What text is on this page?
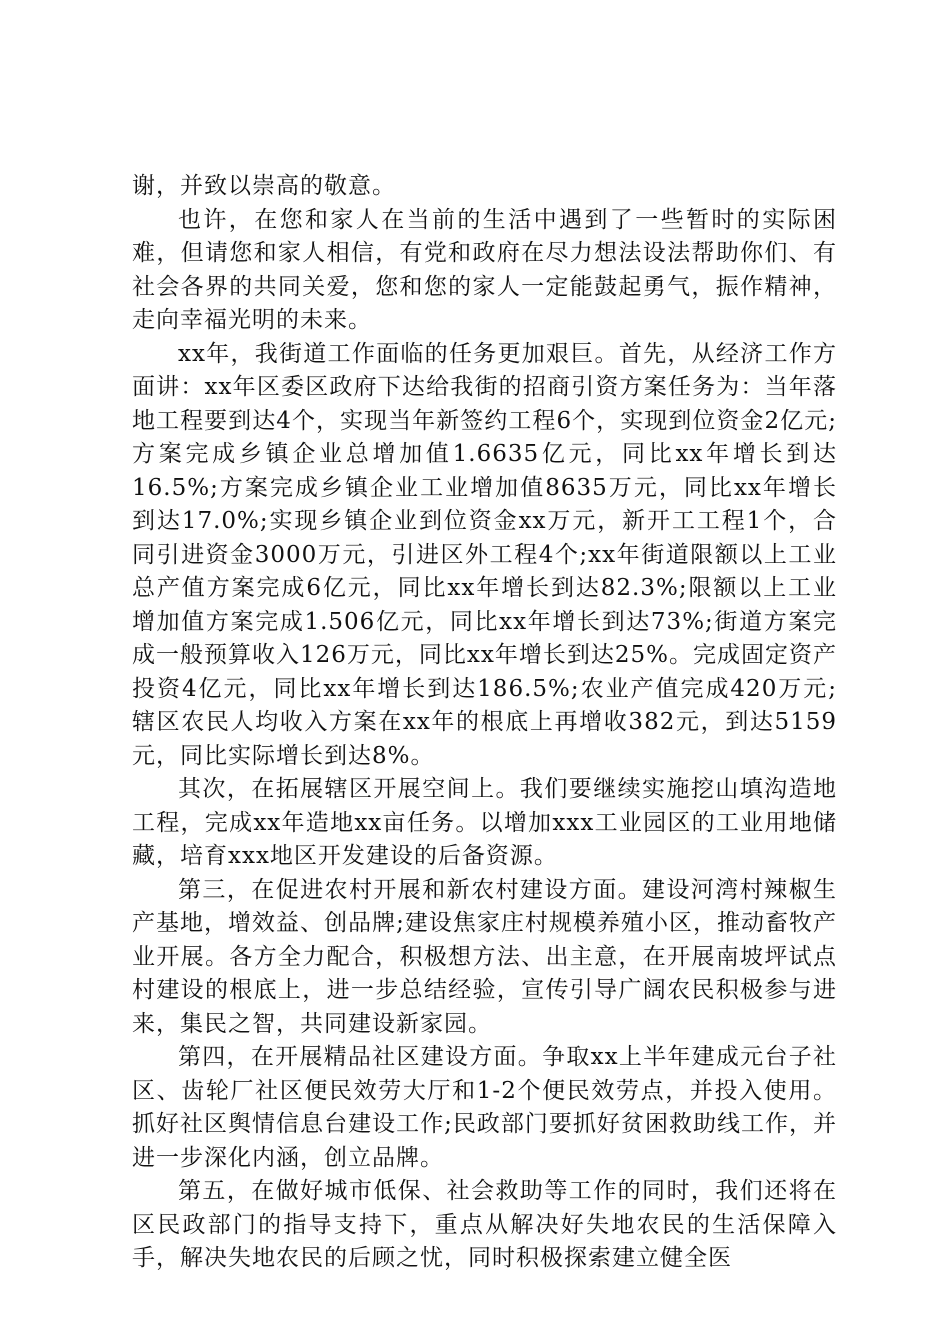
谢，并致以崇高的敬意。

也许，在您和家人在当前的生活中遇到了一些暂时的实际困难，但请您和家人相信，有党和政府在尽力想法设法帮助你们、有社会各界的共同关爱，您和您的家人一定能鼓起勇气，振作精神，走向幸福光明的未来。

xx年，我街道工作面临的任务更加艰巨。首先，从经济工作方面讲：xx年区委区政府下达给我街的招商引资方案任务为：当年落地工程要到达4个，实现当年新签约工程6个，实现到位资金2亿元;方案完成乡镇企业总增加值1.6635亿元，同比xx年增长到达16.5%;方案完成乡镇企业工业增加值8635万元，同比xx年增长到达17.0%;实现乡镇企业到位资金xx万元，新开工工程1个，合同引进资金3000万元，引进区外工程4个;xx年街道限额以上工业总产值方案完成6亿元，同比xx年增长到达82.3%;限额以上工业增加值方案完成1.506亿元，同比xx年增长到达73%;街道方案完成一般预算收入126万元，同比xx年增长到达25%。完成固定资产投资4亿元，同比xx年增长到达186.5%;农业产值完成420万元;辖区农民人均收入方案在xx年的根底上再增收382元，到达5159元，同比实际增长到达8%。

其次，在拓展辖区开展空间上。我们要继续实施挖山填沟造地工程，完成xx年造地xx亩任务。以增加xxx工业园区的工业用地储藏，培育xxx地区开发建设的后备资源。

第三，在促进农村开展和新农村建设方面。建设河湾村辣椒生产基地，增效益、创品牌;建设焦家庄村规模养殖小区，推动畜牧产业开展。各方全力配合，积极想方法、出主意，在开展南坡坪试点村建设的根底上，进一步总结经验，宣传引导广阔农民积极参与进来，集民之智，共同建设新家园。

第四，在开展精品社区建设方面。争取xx上半年建成元台子社区、齿轮厂社区便民效劳大厅和1-2个便民效劳点，并投入使用。抓好社区舆情信息台建设工作;民政部门要抓好贫困救助线工作，并进一步深化内涵，创立品牌。

第五，在做好城市低保、社会救助等工作的同时，我们还将在区民政部门的指导支持下，重点从解决好失地农民的生活保障入手，解决失地农民的后顾之忧，同时积极探索建立健全医
